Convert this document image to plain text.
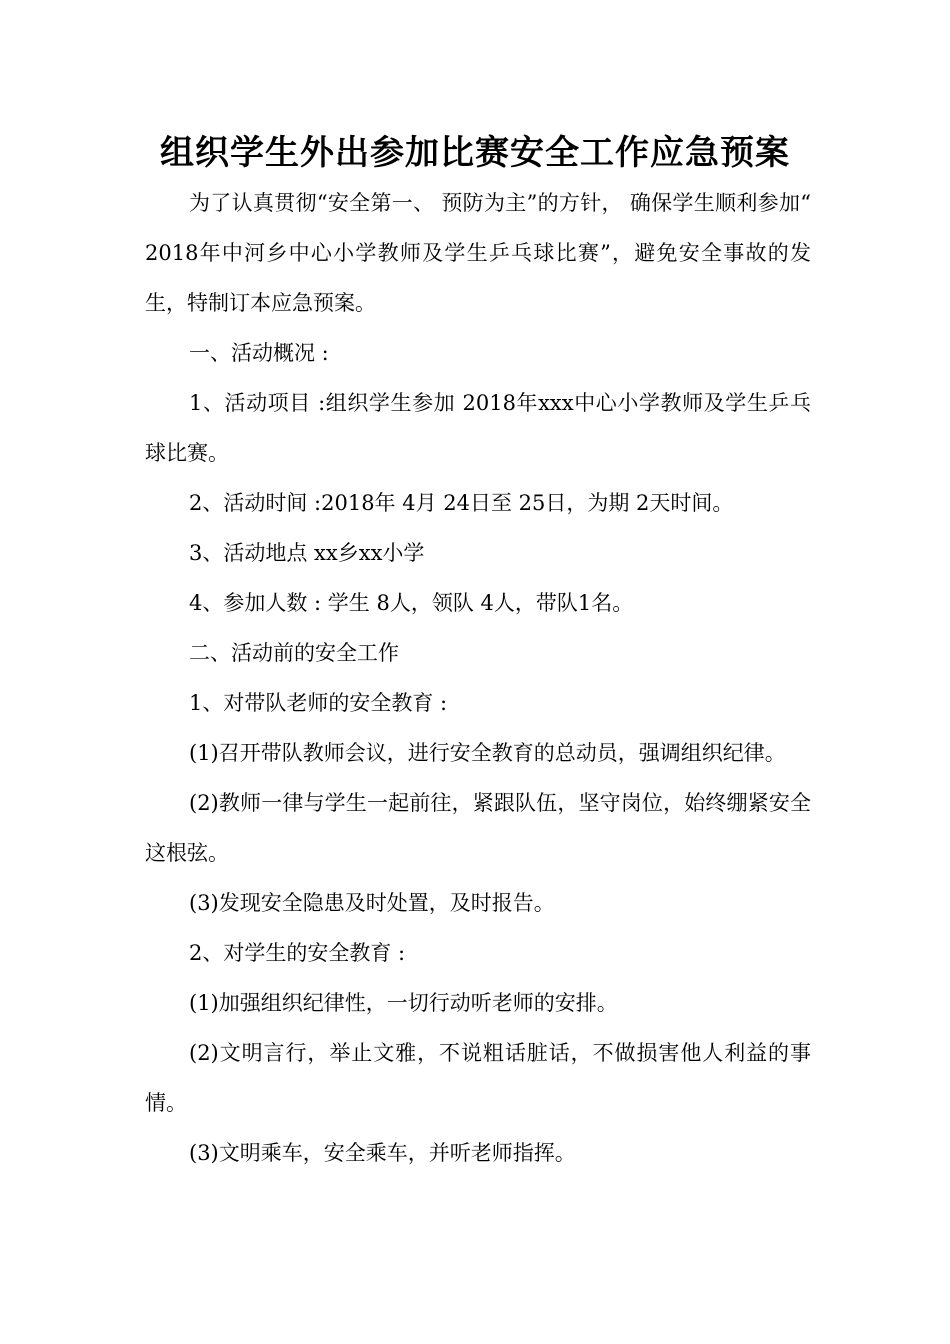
组织学生外出参加比赛安全工作应急预案

为了认真贯彻“安全第一、 预防为主”的方针， 确保学生顺利参加“ 2018年中河乡中心小学教师及学生乒乓球比赛”，避免安全事故的发生，特制订本应急预案。

一、活动概况 :

1、活动项目 :组织学生参加 2018年xxx中心小学教师及学生乒乓球比赛。

2、活动时间 :2018年 4月 24日至 25日，为期 2天时间。

3、活动地点 xx乡xx小学

4、参加人数 : 学生 8人，领队 4人，带队1名。

二、活动前的安全工作

1、对带队老师的安全教育 :

(1)召开带队教师会议，进行安全教育的总动员，强调组织纪律。

(2)教师一律与学生一起前往，紧跟队伍，坚守岗位，始终绷紧安全这根弦。

(3)发现安全隐患及时处置，及时报告。

2、对学生的安全教育 :

(1)加强组织纪律性，一切行动听老师的安排。

(2)文明言行，举止文雅，不说粗话脏话，不做损害他人利益的事情。

(3)文明乘车，安全乘车，并听老师指挥。
